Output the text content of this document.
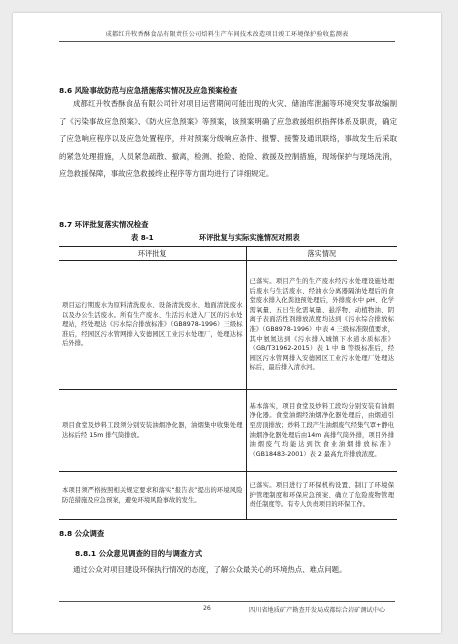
成都红升牧香酥食品有限责任公司焙料生产车间技术改造项目竣工环境保护验收监测表
8.6 风险事故防范与应急措施落实情况及应急预案检查
成都红升牧香酥食品有限公司针对项目运营期间可能出现的火灾、储油库泄漏等环境突发事故编制了《污染事故应急预案》、《防火应急预案》等预案，该预案明确了应急救援组织指挥体系及职责，确定了应急响应程序以及应急处置程序，并对预案分级响应条件、报警、接警及通讯联络，事故发生后采取的紧急处理措施，人员紧急疏散、撤离，检测、抢险、抢险、救援及控制措施，现场保护与现场洗消，应急救援保障，事故应急救援终止程序等方面均进行了详细规定。
8.7 环评批复落实情况检查
表 8-1	环评批复与实际实施情况对照表
环评批复	落实情况
项目运行期废水为原料清洗废水、设备清洗废水、地面清洗废水以及办公生活废水。所有生产废水、生活污水进入厂区的污水处理站，经处理达《污水综合排放标准》（GB8978-1996）三级标准后，经园区污水管网排入安德园区工业污水处理厂，处理达标后外排。	已落实。项目产生的生产废水经污水处理设施处理后废水与生活废水、经油水分离器隔油处理后的食堂废水排入化粪池预处理后，外排废水中 pH、化学需氧量、五日生化需氧量、悬浮物、动植物油、阴离子表面活性剂排放浓度均达到《污水综合排放标准》（GB8978-1996）中表 4 三级标准限值要求，其中氨氮达到《污水排入城镇下水道水质标准》（GB/T31962-2015）表 1 中 B 等级标准后，经园区污水管网排入安德园区工业污水处理厂处理达标后，最后排入清水河。
项目食堂及炒料工段须分别安装油烟净化器，油烟集中收集处理达标后经 15m 排气筒排放。	基本落实，项目食堂及炒料工段均分别安装有油烟净化器。食堂油烟经油烟净化器处理后，由烟道引至房顶排放；炒料工段产生油烟废气经集气罩+静电油烟净化器处理后由14m 高排气筒外排，项目外排油烟废气均能达到饮食业油烟排放标准》（GB18483-2001）表 2 最高允许排放浓度。
本项目须严格按照相关规定要求和落实“报告表”提出的环境风险防范措施及应急预案，避免环境风险事故的发生。	已落实。项目进行了环保机构设置、制订了环境保护管理制度和环保应急预案、确立了危险废物管理责任制度等。有专人负责项目的环保工作。
8.8 公众调查
8.8.1 公众意见调查的目的与调查方式
通过公众对项目建设环保执行情况的态度，了解公众最关心的环境热点、难点问题。
26	四川省地质矿产勘查开发局成都综合岩矿测试中心
